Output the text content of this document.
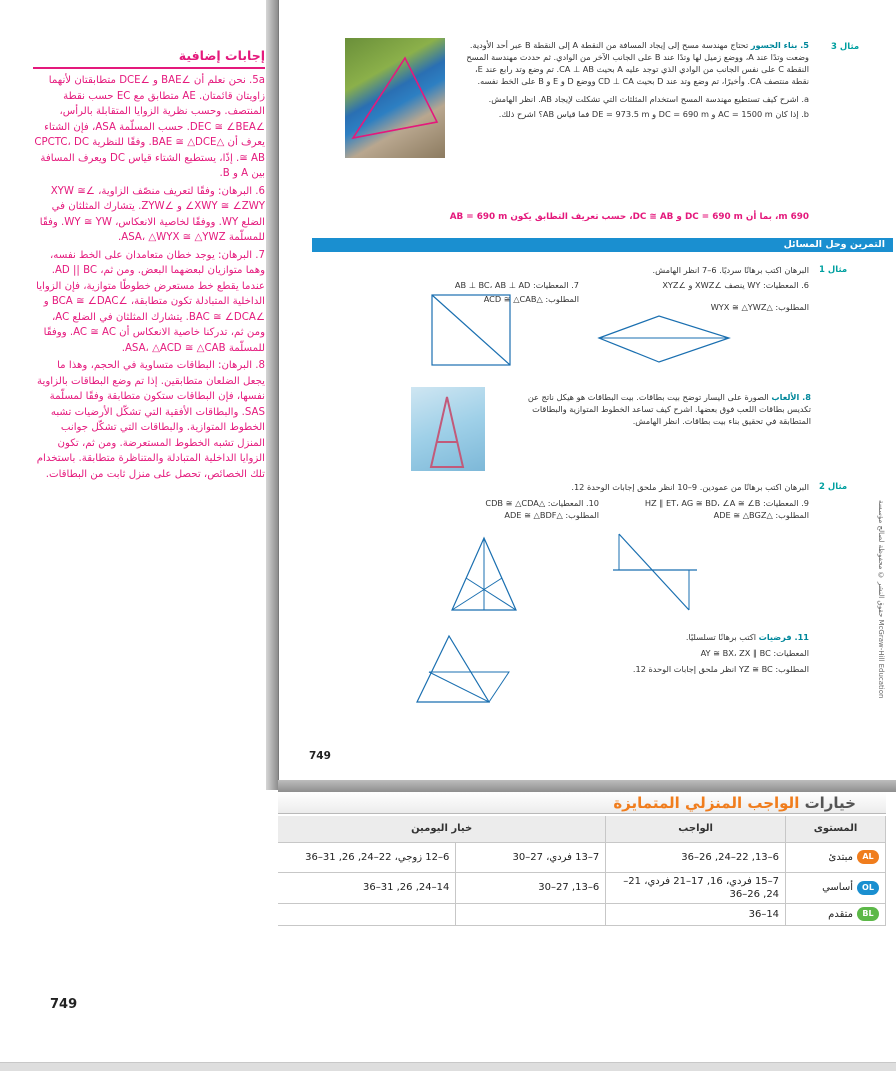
إجابات إضافية

5a. نحن نعلم أن ∠BAE و ∠DCE متطابقتان لأنهما زاويتان قائمتان. AE متطابق مع EC حسب نقطة المنتصف. وحسب نظرية الزوايا المتقابلة بالرأس، ∠DEC ≅ ∠BEA. حسب المسلّمة ASA، فإن الشتاء يعرف أن △BAE ≅ △DCE. وفقًا للنظرية CPCTC، DC ≅ AB. إذًا، يستطيع الشتاء قياس DC ويعرف المسافة بين A و B.

6. البرهان: وفقًا لتعريف منصّف الزاوية، ∠XYW ≅ ∠XWY ≅ ∠ZWY و ∠ZYW. يتشارك المثلثان في الضلع WY. ووفقًا لخاصية الانعكاس، WY ≅ YW. وفقًا للمسلّمة ASA، △WYX ≅ △YWZ.

7. البرهان: يوجد خطان متعامدان على الخط نفسه، وهما متوازيان لبعضهما البعض. ومن ثم، AD || BC. عندما يقطع خط مستعرض خطوطًا متوازية، فإن الزوايا الداخلية المتبادلة تكون متطابقة، ∠BCA ≅ ∠DAC و ∠BAC ≅ ∠DCA. يتشارك المثلثان في الضلع AC، ومن ثم، تدركنا خاصية الانعكاس أن AC ≅ AC. ووفقًا للمسلّمة ASA، △ACD ≅ △CAB.

8. البرهان: البطاقات متساوية في الحجم، وهذا ما يجعل الضلعان متطابقين. إذا تم وضع البطاقات بالزاوية نفسها، فإن البطاقات ستكون متطابقة وفقًا لمسلّمة SAS. والبطاقات الأفقية التي تشكّل الأرضيات تشبه الخطوط المتوازية. والبطاقات التي تشكّل جوانب المنزل تشبه الخطوط المستعرضة. ومن ثم، تكون الزوايا الداخلية المتبادلة والمتناظرة متطابقة. باستخدام تلك الخصائص، تحصل على منزل ثابت من البطاقات.

749
مثال 3
5. بناء الجسور تحتاج مهندسة مسح إلى إيجاد المسافة من النقطة A إلى النقطة B عبر أحد الأودية. وضعت وتدًا عند A، ووضع زميل لها وتدًا عند B على الجانب الآخر من الوادي. ثم حددت مهندسة المسح النقطة C على نفس الجانب من الوادي الذي توجد عليه A بحيث CA ⊥ AB. تم وضع وتد رابع عند E، نقطة منتصف CA. وأخيرًا، تم وضع وتد عند D بحيث CD ⊥ CA ووضع D و E و B على الخط نفسه.
a. اشرح كيف تستطيع مهندسة المسح استخدام المثلثات التي تشكلت لإيجاد AB. انظر الهامش.
b. إذا كان AC = 1500 m و DC = 690 m و DE = 973.5 m فما قياس AB؟ اشرح ذلك.
690 m، بما أن DC = 690 m و DC ≅ AB، حسب تعريف التطابق يكون AB = 690 m
التمرين وحل المسائل
مثال 1
البرهان اكتب برهانًا سرديًا. 6–7 انظر الهامش.
6. المعطيات: WY ينصف ∠XWZ و ∠XYZ
المطلوب: △WYX ≅ △YWZ
7. المعطيات: AB ⊥ BC، AB ⊥ AD
المطلوب: △ACD ≅ △CAB
8. الألعاب الصورة على اليسار توضح بيت بطاقات. بيت البطاقات هو هيكل ناتج عن تكديس بطاقات اللعب فوق بعضها. اشرح كيف تساعد الخطوط المتوازية والبطاقات المتطابقة في تحقيق بناء بيت بطاقات. انظر الهامش.
مثال 2
البرهان اكتب برهانًا من عمودين. 9–10 انظر ملحق إجابات الوحدة 12.
9. المعطيات: HZ ∥ ET، AG ≅ BD، ∠A ≅ ∠B
المطلوب: △ADE ≅ △BGZ
10. المعطيات: △CDB ≅ △CDA
المطلوب: △ADE ≅ △BDF
11. فرضيات اكتب برهانًا تسلسليًا.
المعطيات: AY ≅ BX، ZX ∥ BC
المطلوب: YZ ≅ BC انظر ملحق إجابات الوحدة 12.
749
حقوق النشر © محفوظة لصالح مؤسسة McGraw-Hill Education
خيارات الواجب المنزلي المتمايزة
المستوى	الواجب	خيار اليومين	

AL
مبتدئ	6–13, 22–24, 26–36	7–13 فردي، 27–30	6–12 زوجي، 22–24, 26, 31–36

OL
أساسي	7–15 فردي، 16, 17–21 فردي، 21–24, 26–36	6–13, 27–30	14–24, 26, 31–36

BL
متقدم	14–36		
